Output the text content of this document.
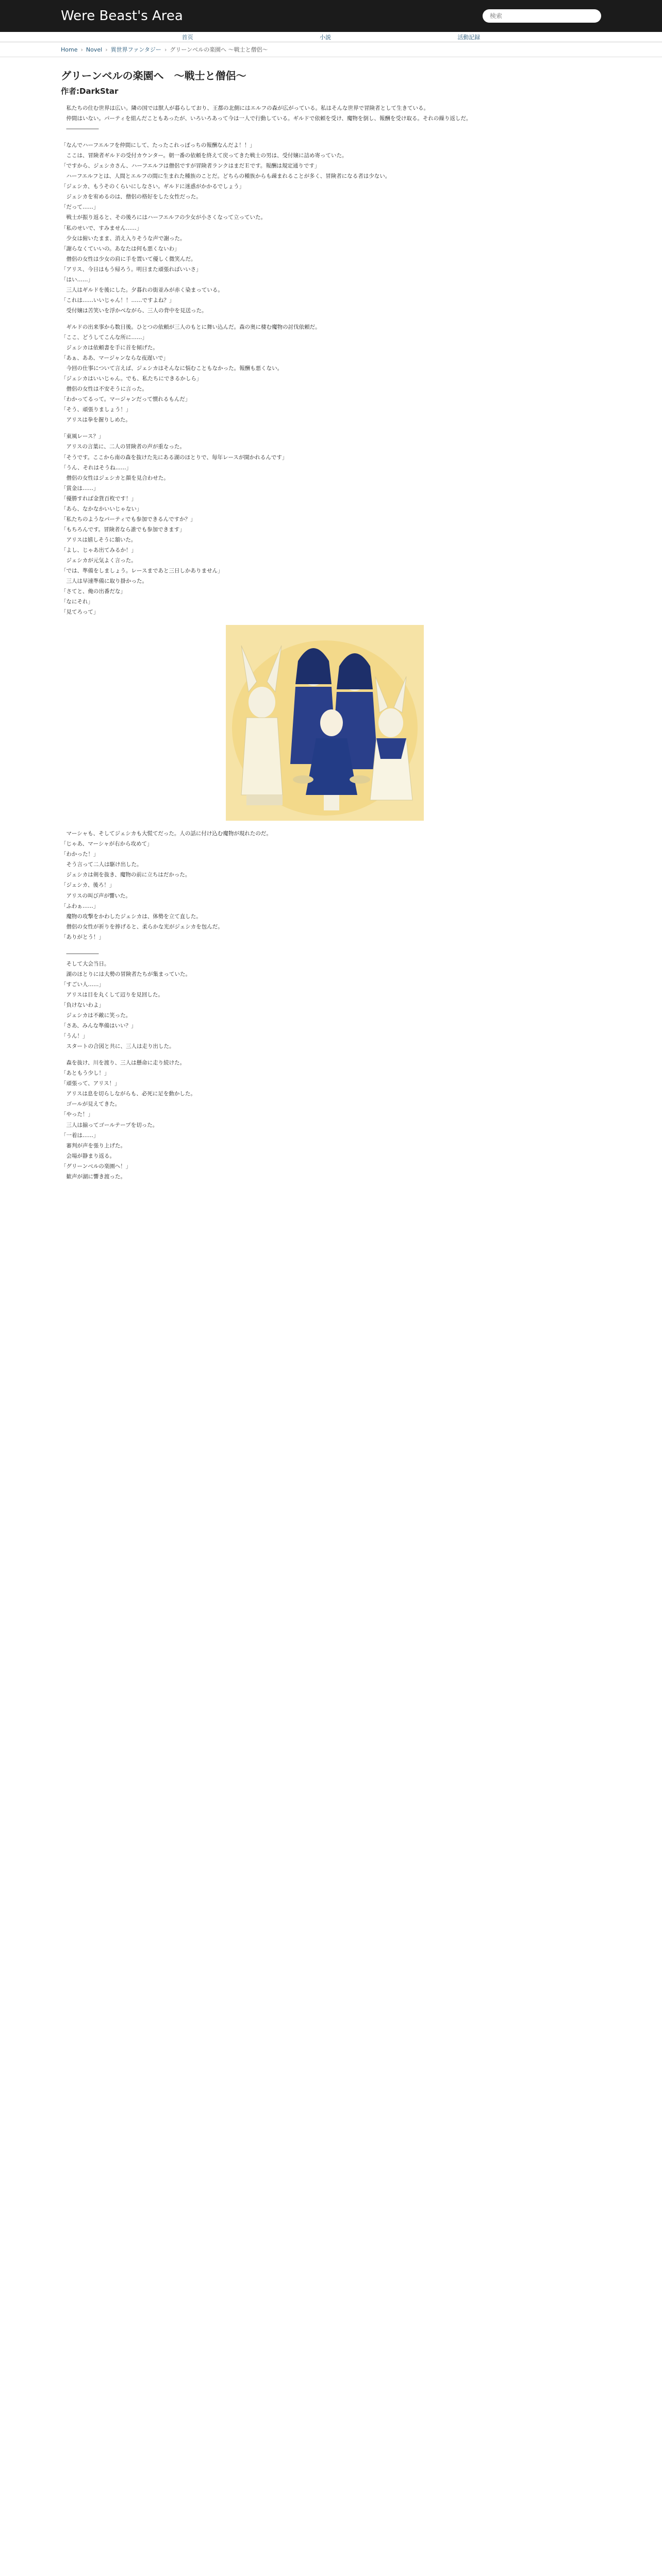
Were Beast's Area
検索
首页	小説	活動記録
Home › Novel › 異世界ファンタジー › グリーンベルの楽園へ ～戦士と僧侶～
グリーンベルの楽園へ　～戦士と僧侶～
作者:DarkStar

　私たちの住む世界は広い。隣の国では獣人が暮らしており、王都の北側にはエルフの森が広がっている。私はそんな世界で冒険者として生きている。

　仲間はいない。パーティを組んだこともあったが、いろいろあって今は一人で行動している。ギルドで依頼を受け、魔物を倒し、報酬を受け取る。それの繰り返しだ。

　――――――

「なんでハーフエルフを仲間にして、たったこれっぽっちの報酬なんだよ！！」

　ここは、冒険者ギルドの受付カウンター。朝一番の依頼を終えて戻ってきた戦士の男は、受付嬢に詰め寄っていた。

「ですから、ジェシカさん、ハーフエルフは僧侶ですが冒険者ランクはまだＥです。報酬は規定通りです」

　ハーフエルフとは、人間とエルフの間に生まれた種族のことだ。どちらの種族からも疎まれることが多く、冒険者になる者は少ない。

「ジェシカ、もうそのくらいにしなさい。ギルドに迷惑がかかるでしょう」

　ジェシカを宥めるのは、僧侶の格好をした女性だった。

「だって……」

　戦士が振り返ると、その後ろにはハーフエルフの少女が小さくなって立っていた。

「私のせいで、すみません……」

　少女は俯いたまま、消え入りそうな声で謝った。

「謝らなくていいの。あなたは何も悪くないわ」

　僧侶の女性は少女の肩に手を置いて優しく微笑んだ。

「アリス、今日はもう帰ろう。明日また頑張ればいいさ」

「はい……」

　三人はギルドを後にした。夕暮れの街並みが赤く染まっている。

「これは……いいじゃん！！……ですよね？」

　受付嬢は苦笑いを浮かべながら、三人の背中を見送った。

　ギルドの出来事から数日後。ひとつの依頼が三人のもとに舞い込んだ。森の奥に棲む魔物の討伐依頼だ。

「ここ、どうしてこんな所に……」

　ジェシカは依頼書を手に首を傾げた。

「あぁ、ああ、マージャンならな夜遅いで」

　今回の仕事について言えば、ジェシカはそんなに悩むこともなかった。報酬も悪くない。

「ジェシカはいいじゃん。でも、私たちにできるかしら」

　僧侶の女性は不安そうに言った。

「わかってるって。マージャンだって慣れるもんだ」

「そう、頑張りましょう！」

　アリスは拳を握りしめた。

「東風レース？」

　アリスの言葉に、二人の冒険者の声が重なった。

「そうです。ここから南の森を抜けた先にある湖のほとりで、毎年レースが開かれるんです」

「うん、それはそうね……」

　僧侶の女性はジェシカと顔を見合わせた。

「賞金は……」

「優勝すれば金貨百枚です！」

「あら、なかなかいいじゃない」

「私たちのようなパーティでも参加できるんですか？」

「もちろんです。冒険者なら誰でも参加できます」

　アリスは嬉しそうに頷いた。

「よし、じゃあ出てみるか！」

　ジェシカが元気よく言った。

「では、準備をしましょう。レースまであと三日しかありません」

　三人は早速準備に取り掛かった。

「さてと、俺の出番だな」

「なにそれ」

「見てろって」

　マーシャも、そしてジェシカも大慌てだった。人の話に付け込む魔物が現れたのだ。

「じゃあ、マーシャが右から攻めて」

「わかった！」

　そう言って二人は駆け出した。

　ジェシカは剣を抜き、魔物の前に立ちはだかった。

「ジェシカ、後ろ！」

　アリスの叫び声が響いた。

「ふわぁ……」

　魔物の攻撃をかわしたジェシカは、体勢を立て直した。

　僧侶の女性が祈りを捧げると、柔らかな光がジェシカを包んだ。

「ありがとう！」

　――――――

　そして大会当日。

　湖のほとりには大勢の冒険者たちが集まっていた。

「すごい人……」

　アリスは目を丸くして辺りを見回した。

「負けないわよ」

　ジェシカは不敵に笑った。

「さあ、みんな準備はいい？」

「うん！」

　スタートの合図と共に、三人は走り出した。

　森を抜け、川を渡り、三人は懸命に走り続けた。

「あともう少し！」

「頑張って、アリス！」

　アリスは息を切らしながらも、必死に足を動かした。

　ゴールが見えてきた。

「やった！」

　三人は揃ってゴールテープを切った。

「一着は……」

　審判が声を張り上げた。

　会場が静まり返る。

「グリーンベルの楽園へ！」

　歓声が湖に響き渡った。
